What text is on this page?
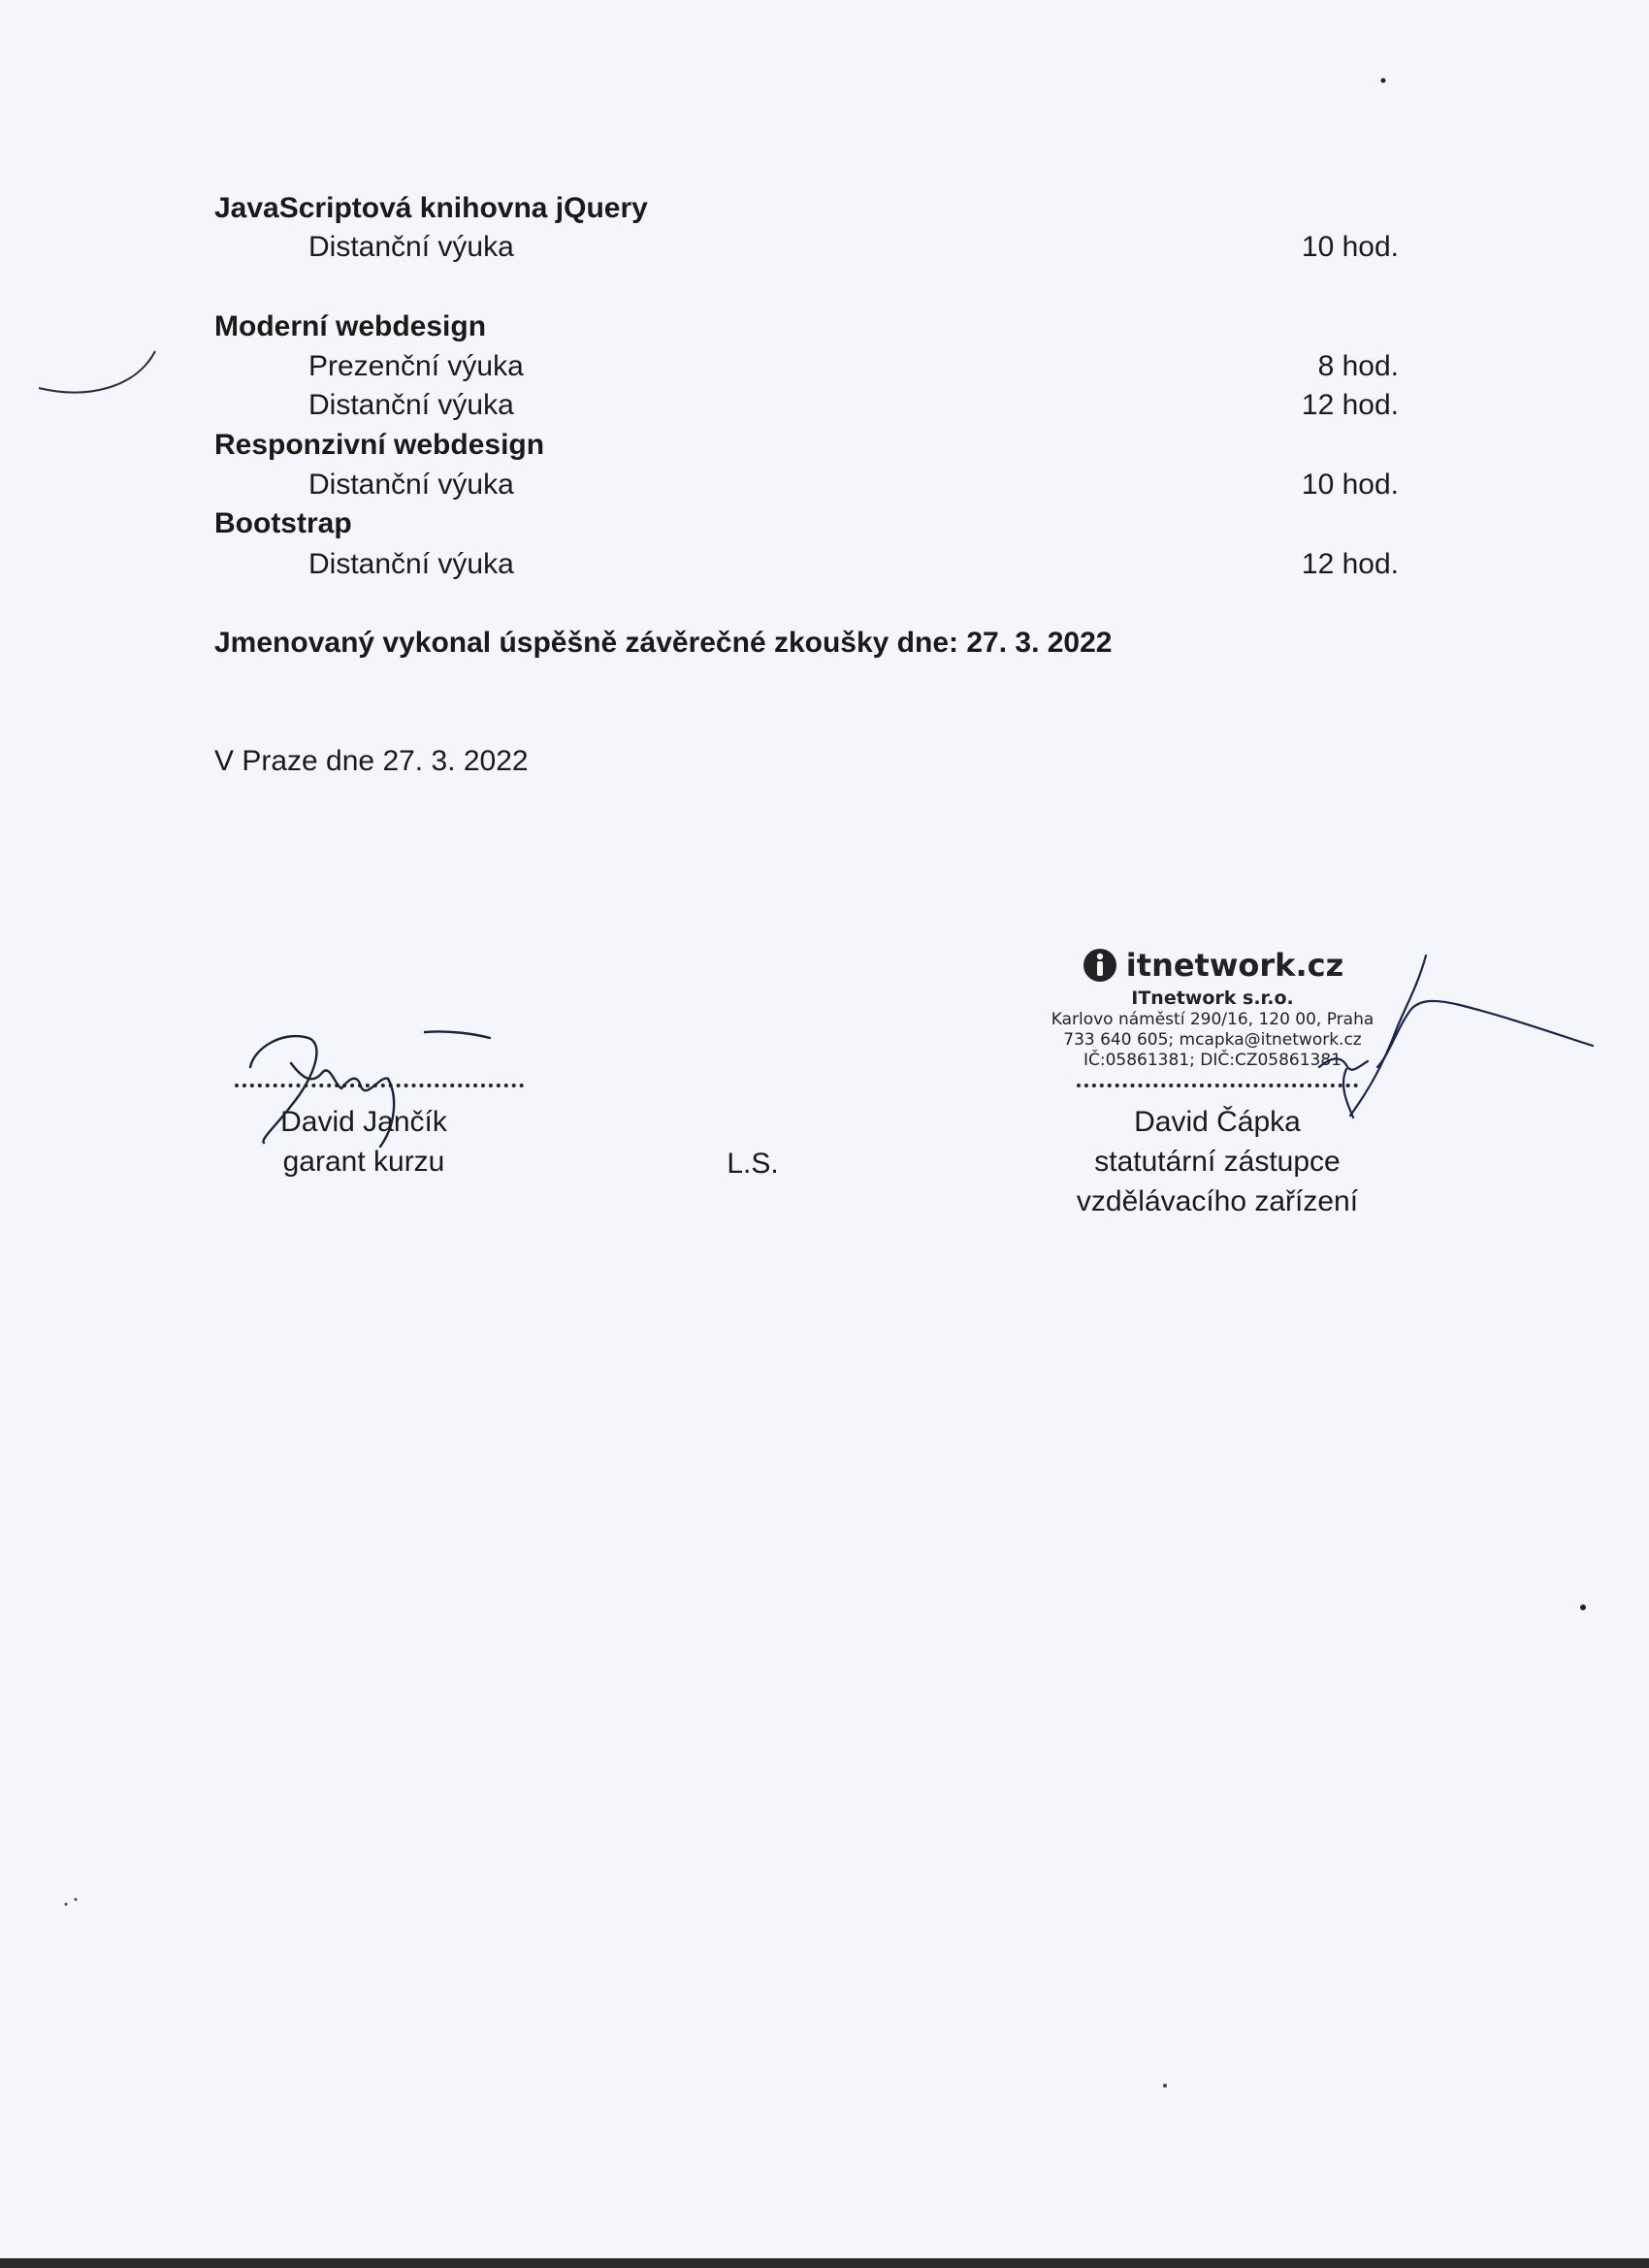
JavaScriptová knihovna jQuery
Distanční výuka	10 hod.
Moderní webdesign
Prezenční výuka	8 hod.
Distanční výuka	12 hod.
Responzivní webdesign
Distanční výuka	10 hod.
Bootstrap
Distanční výuka	12 hod.
Jmenovaný vykonal úspěšně závěrečné zkoušky dne: 27. 3. 2022
V Praze dne 27. 3. 2022
David Jančík
garant kurzu	L.S.
David Čápka
statutární zástupce
vzdělávacího zařízení
itnetwork.cz
ITnetwork s.r.o.
Karlovo náměstí 290/16, 120 00, Praha
733 640 605; mcapka@itnetwork.cz
IČ:05861381; DIČ:CZ05861381
